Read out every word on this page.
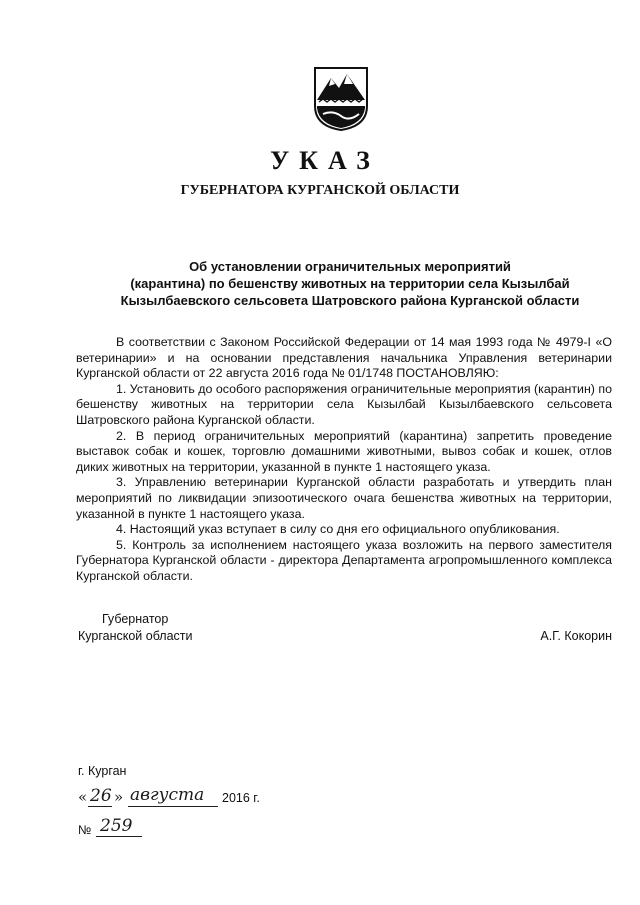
УКАЗ
ГУБЕРНАТОРА КУРГАНСКОЙ ОБЛАСТИ
Об установлении ограничительных мероприятий
(карантина) по бешенству животных на территории села Кызылбай
Кызылбаевского сельсовета Шатровского района Курганской области

В соответствии с Законом Российской Федерации от 14 мая 1993 года № 4979-I «О ветеринарии» и на основании представления начальника Управления ветеринарии Курганской области от 22 августа 2016 года № 01/1748 ПОСТАНОВЛЯЮ:

1. Установить до особого распоряжения ограничительные мероприятия (карантин) по бешенству животных на территории села Кызылбай Кызылбаевского сельсовета Шатровского района Курганской области.

2. В период ограничительных мероприятий (карантина) запретить проведение выставок собак и кошек, торговлю домашними животными, вывоз собак и кошек, отлов диких животных на территории, указанной в пункте 1 настоящего указа.

3. Управлению ветеринарии Курганской области разработать и утвердить план мероприятий по ликвидации эпизоотического очага бешенства животных на территории, указанной в пункте 1 настоящего указа.

4. Настоящий указ вступает в силу со дня его официального опубликования.

5. Контроль за исполнением настоящего указа возложить на первого заместителя Губернатора Курганской области - директора Департамента агропромышленного комплекса Курганской области.

Губернатор
Курганской области	А.Г. Кокорин
г. Курган
« 26 » августа 2016 г.
№ 259
